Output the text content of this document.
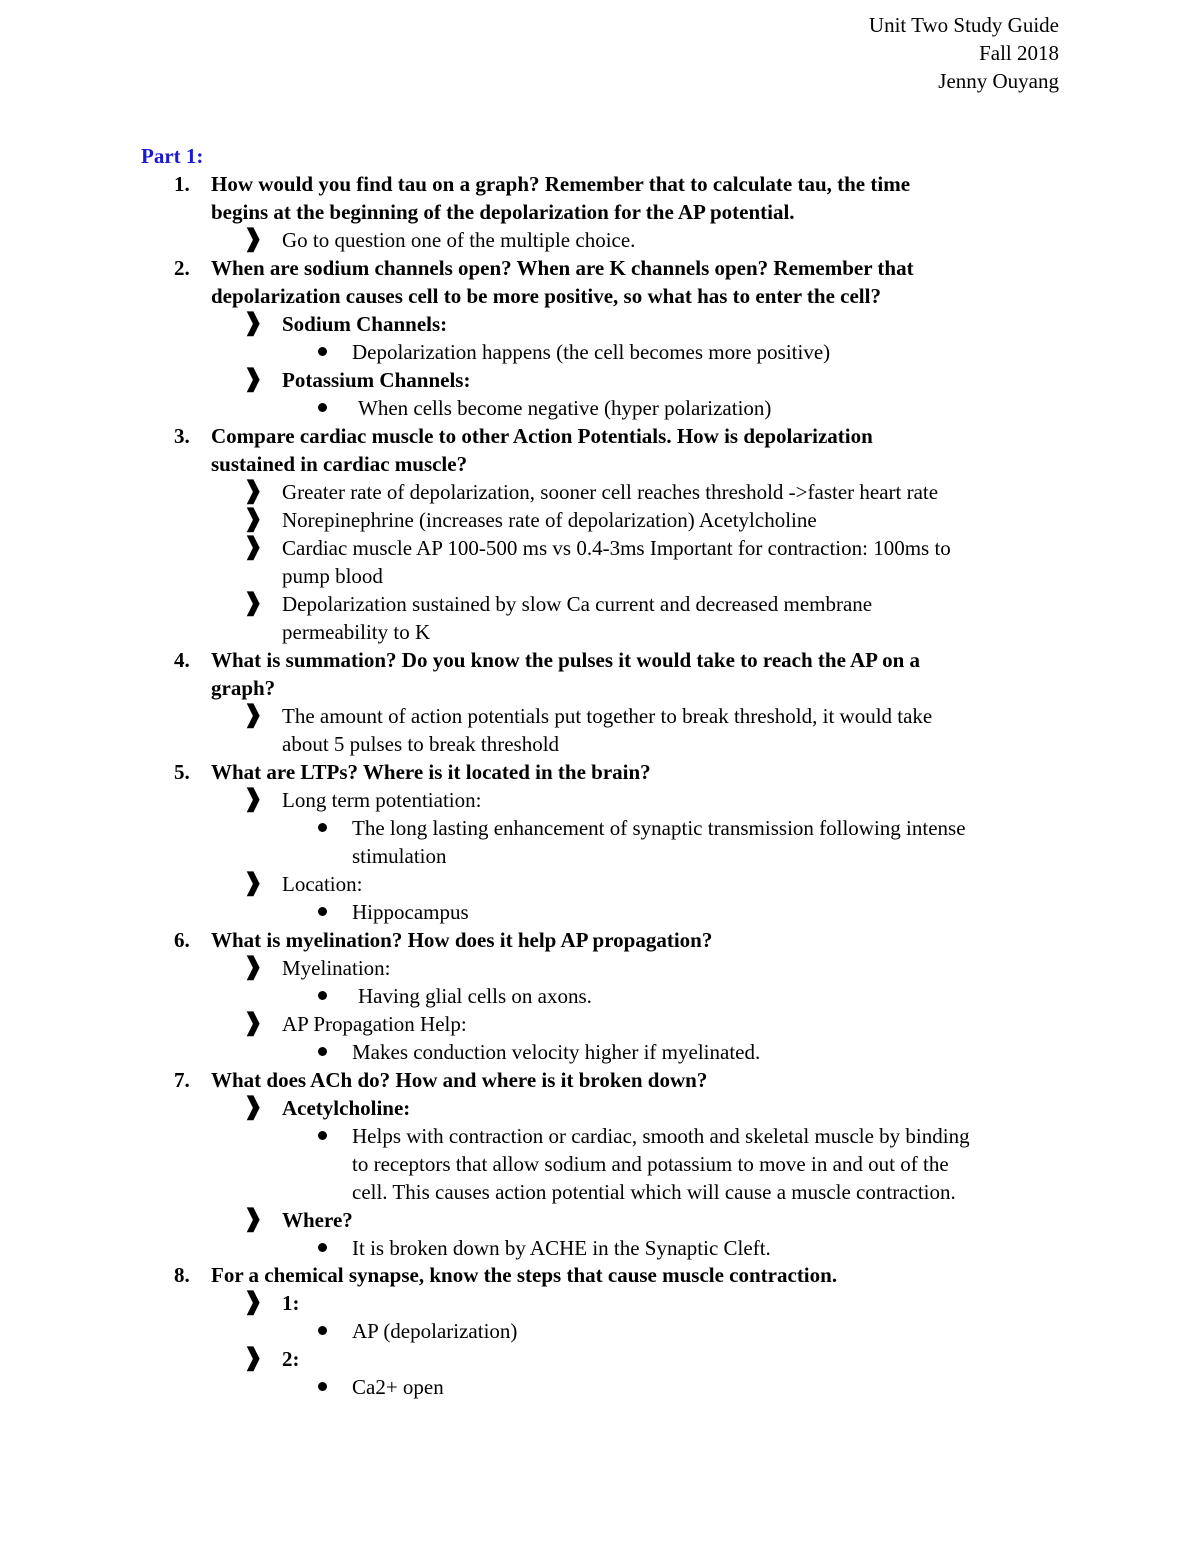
Unit Two Study Guide
Fall 2018
Jenny Ouyang
Part 1:
1. How would you find tau on a graph? Remember that to calculate tau, the time
begins at the beginning of the depolarization for the AP potential.
❱ Go to question one of the multiple choice.
2. When are sodium channels open? When are K channels open? Remember that
depolarization causes cell to be more positive, so what has to enter the cell?
❱ Sodium Channels:
Depolarization happens (the cell becomes more positive)
❱ Potassium Channels:
When cells become negative (hyper polarization)
3. Compare cardiac muscle to other Action Potentials. How is depolarization
sustained in cardiac muscle?
❱ Greater rate of depolarization, sooner cell reaches threshold ->faster heart rate
❱ Norepinephrine (increases rate of depolarization) Acetylcholine
❱ Cardiac muscle AP 100-500 ms vs 0.4-3ms Important for contraction: 100ms to
pump blood
❱ Depolarization sustained by slow Ca current and decreased membrane
permeability to K
4. What is summation? Do you know the pulses it would take to reach the AP on a
graph?
❱ The amount of action potentials put together to break threshold, it would take
about 5 pulses to break threshold
5. What are LTPs? Where is it located in the brain?
❱ Long term potentiation:
The long lasting enhancement of synaptic transmission following intense
stimulation
❱ Location:
Hippocampus
6. What is myelination? How does it help AP propagation?
❱ Myelination:
Having glial cells on axons.
❱ AP Propagation Help:
Makes conduction velocity higher if myelinated.
7. What does ACh do? How and where is it broken down?
❱ Acetylcholine:
Helps with contraction or cardiac, smooth and skeletal muscle by binding
to receptors that allow sodium and potassium to move in and out of the
cell. This causes action potential which will cause a muscle contraction.
❱ Where?
It is broken down by ACHE in the Synaptic Cleft.
8. For a chemical synapse, know the steps that cause muscle contraction.
❱ 1:
AP (depolarization)
❱ 2:
Ca2+ open
